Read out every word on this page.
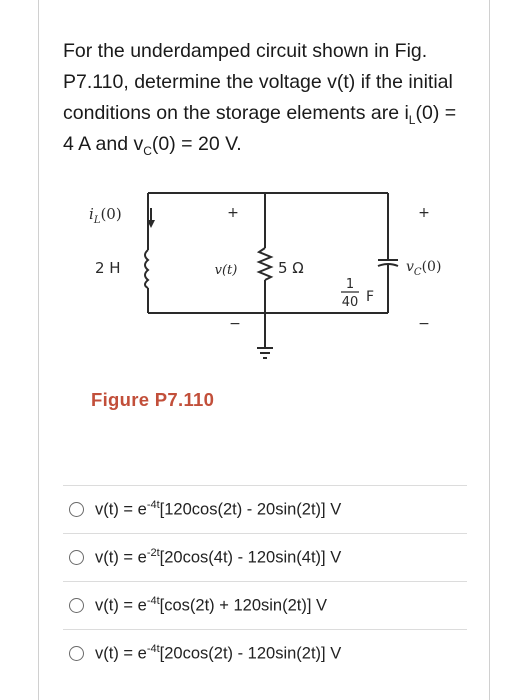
For the underdamped circuit shown in Fig. P7.110, determine the voltage v(t) if the initial conditions on the storage elements are $i_L(0) = 4$ A and $v_C(0) = 20$ V.

$i_L(0)$
2 H
+
v(t)
−
5 Ω
1
40 F
+
$v_C(0)$
−

Figure P7.110

$v(t) = e^{-4t}[120\cos(2t) - 20\sin(2t)]$ V
$v(t) = e^{-2t}[20\cos(4t) - 120\sin(4t)]$ V
$v(t) = e^{-4t}[\cos(2t) + 120\sin(2t)]$ V
$v(t) = e^{-4t}[20\cos(2t) - 120\sin(2t)]$ V
